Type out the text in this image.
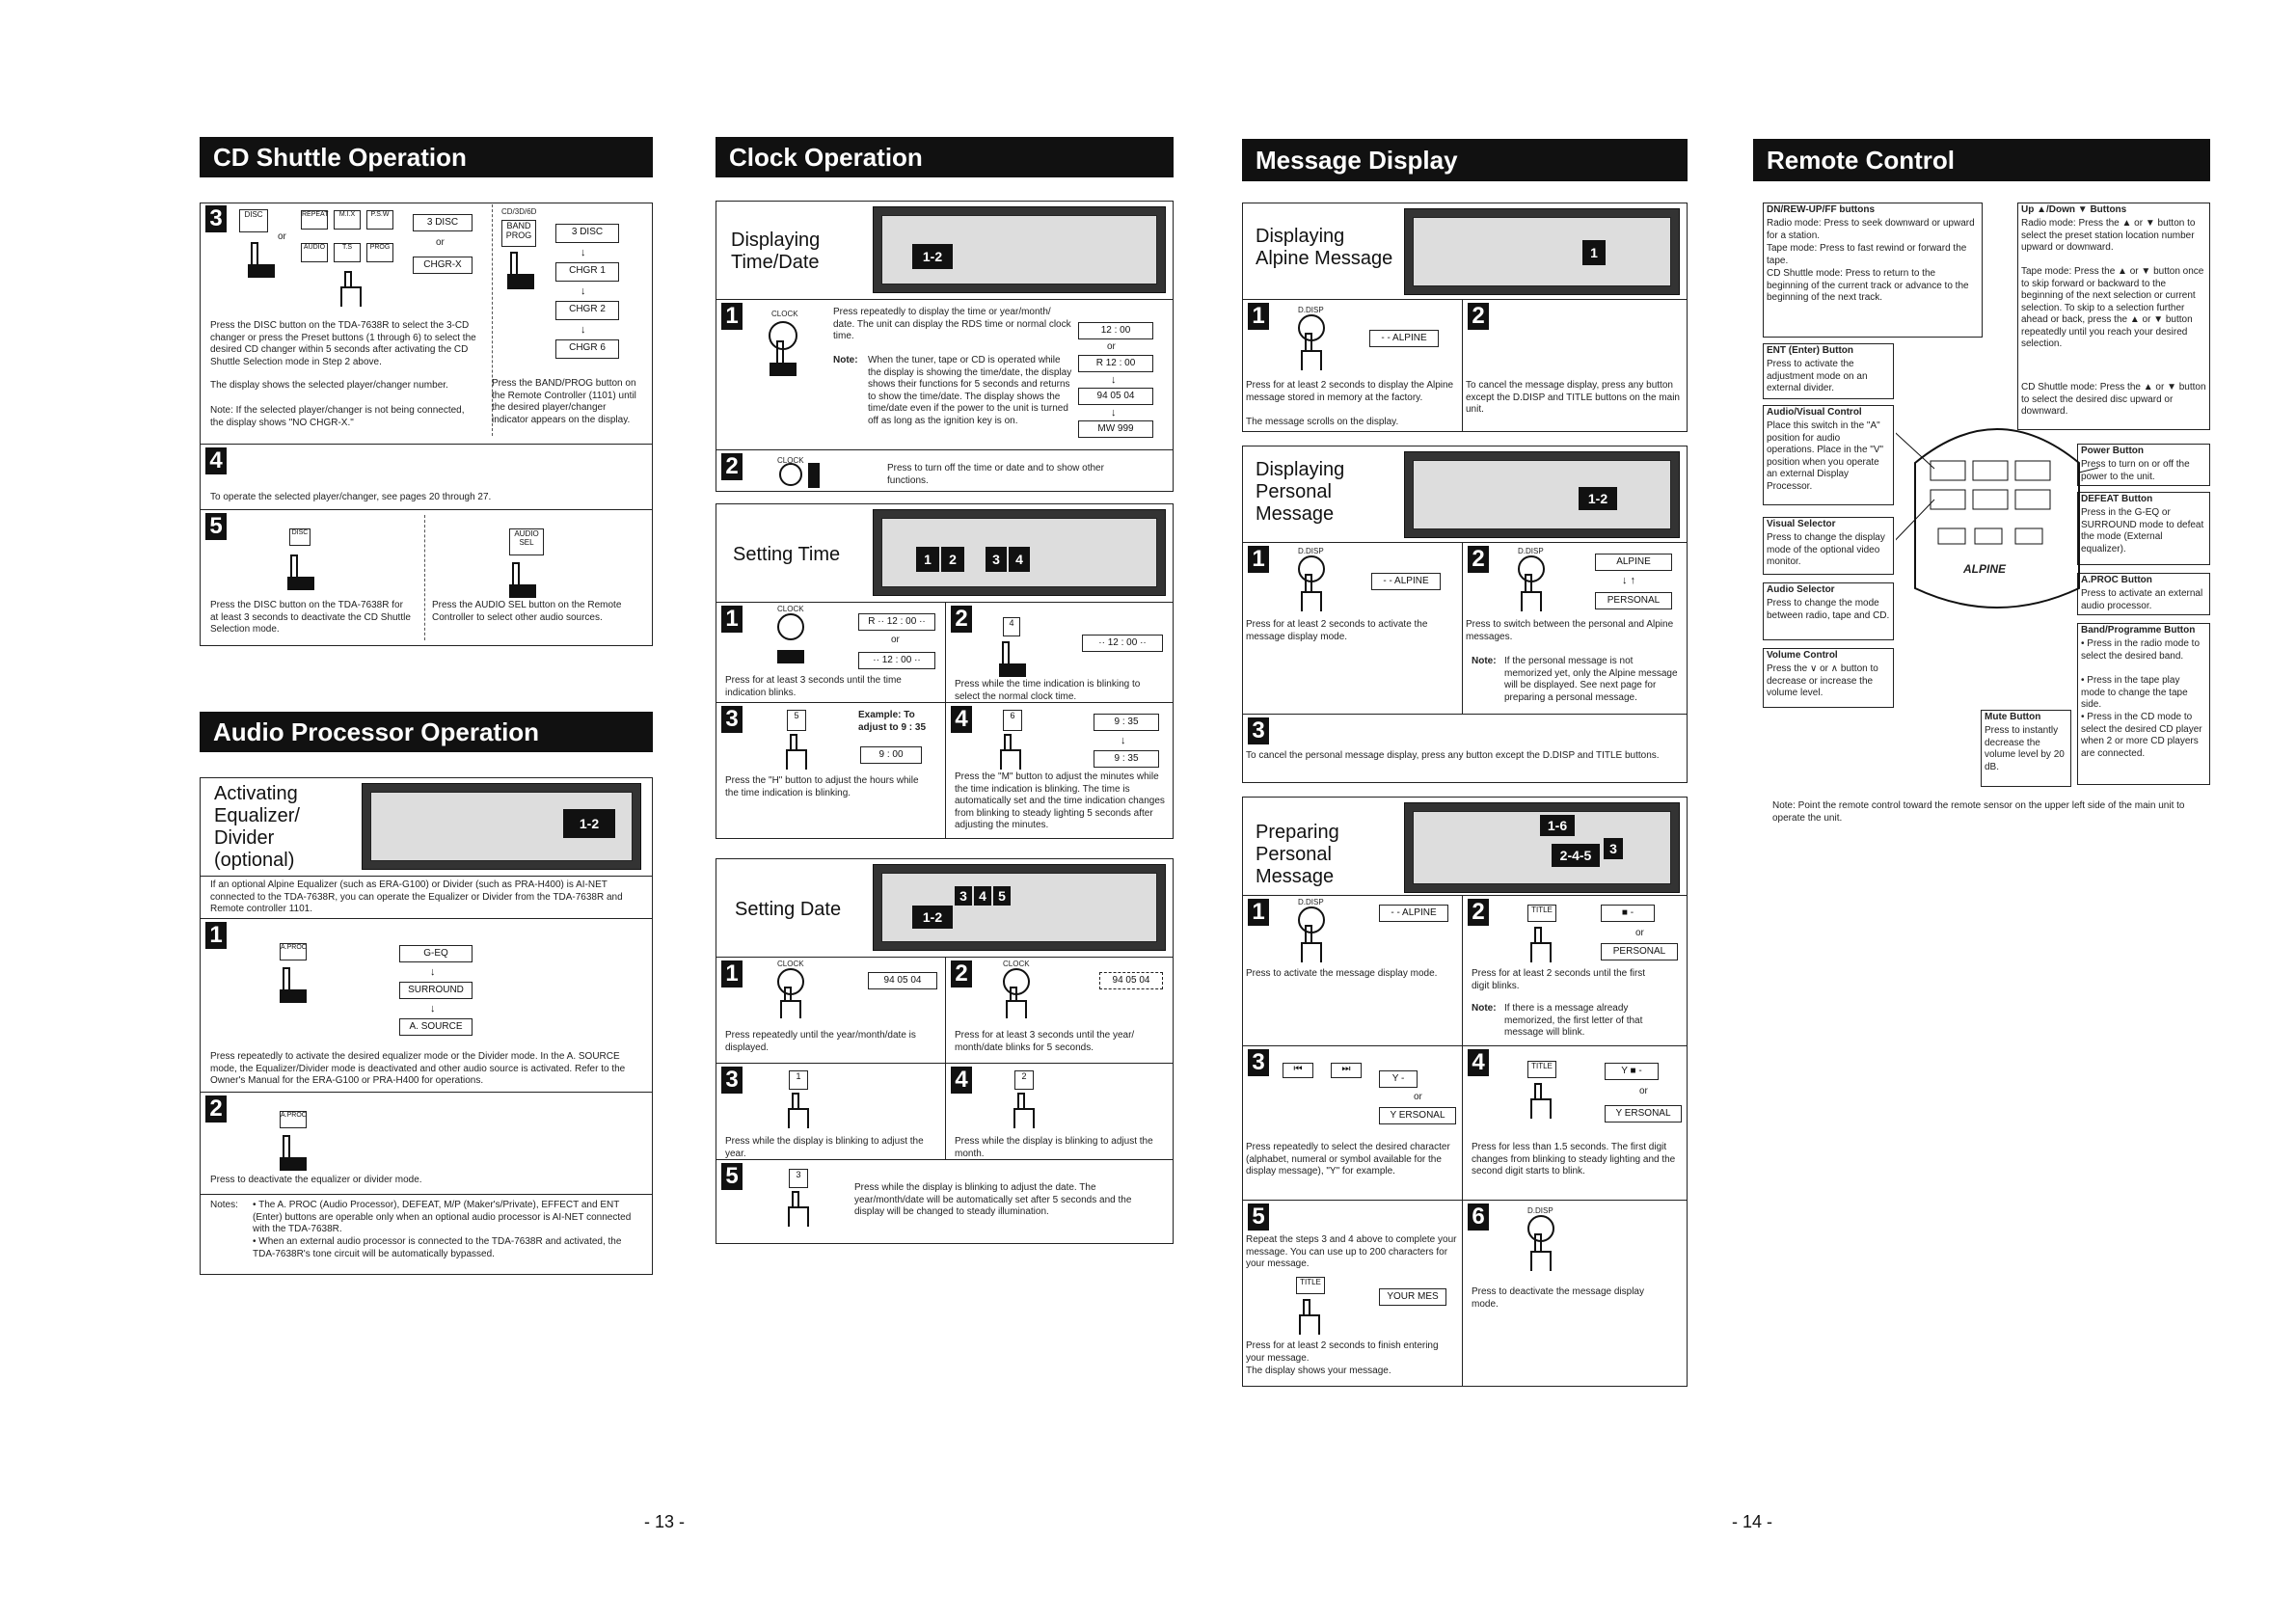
CD Shuttle Operation
3	DISC
or
REPEAT	M.I.X	P.S.W
AUDIO	T.S	PROG
3 DISC
or
CHGR-X
CD/3D/6D
BAND PROG	3 DISC
↓
CHGR 1
↓
CHGR 2
↓
CHGR 6
Press the DISC button on the TDA-7638R to select the 3-CD changer or press the Preset buttons (1 through 6) to select the desired CD changer within 5 seconds after activating the CD Shuttle Selection mode in Step 2 above.
The display shows the selected player/changer number.
Note: If the selected player/changer is not being connected, the display shows "NO CHGR-X."
Press the BAND/PROG button on the Remote Controller (1101) until the desired player/changer indicator appears on the display.
4
To operate the selected player/changer, see pages 20 through 27.
5	DISC	AUDIO SEL
Press the DISC button on the TDA-7638R for at least 3 seconds to deactivate the CD Shuttle Selection mode.
Press the AUDIO SEL button on the Remote Controller to select other audio sources.
Audio Processor Operation
Activating Equalizer/ Divider (optional)
1-2
If an optional Alpine Equalizer (such as ERA-G100) or Divider (such as PRA-H400) is AI-NET connected to the TDA-7638R, you can operate the Equalizer or Divider from the TDA-7638R and Remote controller 1101.
1	A.PROC
G-EQ
↓
SURROUND
↓
A. SOURCE
Press repeatedly to activate the desired equalizer mode or the Divider mode. In the A. SOURCE mode, the Equalizer/Divider mode is deactivated and other audio source is activated. Refer to the Owner's Manual for the ERA-G100 or PRA-H400 for operations.
2	A.PROC
Press to deactivate the equalizer or divider mode.
Notes: • The A. PROC (Audio Processor), DEFEAT, M/P (Maker's/Private), EFFECT and ENT (Enter) buttons are operable only when an optional audio processor is AI-NET connected with the TDA-7638R.
• When an external audio processor is connected to the TDA-7638R and activated, the TDA-7638R's tone circuit will be automatically bypassed.
Clock Operation
Displaying Time/Date	1-2
1	CLOCK	Press repeatedly to display the time or year/month/ date. The unit can display the RDS time or normal clock time.
Note: When the tuner, tape or CD is operated while the display is showing the time/date, the display shows their functions for 5 seconds and returns to show the time/date. The display shows the time/date even if the power to the unit is turned off as long as the ignition key is on.
12 : 00
or
R 12 : 00
↓
94 05 04
↓
MW 999
2	CLOCK
Press to turn off the time or date and to show other functions.
Setting Time	1	2	3	4
1	CLOCK
R ·· 12 : 00 ··
or
·· 12 : 00 ··
Press for at least 3 seconds until the time indication blinks.
2	4
·· 12 : 00 ··
Press while the time indication is blinking to select the normal clock time.
3	5	Example: To adjust to 9 : 35
9 : 00
Press the "H" button to adjust the hours while the time indication is blinking.
4	6
9 : 35
↓
9 : 35
Press the "M" button to adjust the minutes while the time indication is blinking. The time is automatically set and the time indication changes from blinking to steady lighting 5 seconds after adjusting the minutes.
Setting Date	1-2
3 4 5
1	CLOCK
94 05 04
Press repeatedly until the year/month/date is displayed.
2	CLOCK
94 05 04
Press for at least 3 seconds until the year/ month/date blinks for 5 seconds.
3	1
Press while the display is blinking to adjust the year.
4	2
Press while the display is blinking to adjust the month.
5	3
Press while the display is blinking to adjust the date. The year/month/date will be automatically set after 5 seconds and the display will be changed to steady illumination.
Message Display
Displaying Alpine Message	1
1	D.DISP
- - ALPINE
Press for at least 2 seconds to display the Alpine message stored in memory at the factory.
The message scrolls on the display.
2
To cancel the message display, press any button except the D.DISP and TITLE buttons on the main unit.
Displaying Personal Message
1-2
1	D.DISP
- - ALPINE
Press for at least 2 seconds to activate the message display mode.
2	D.DISP
ALPINE
↓ ↑
PERSONAL
Press to switch between the personal and Alpine messages.
Note: If the personal message is not memorized yet, only the Alpine message will be displayed. See next page for preparing a personal message.
3
To cancel the personal message display, press any button except the D.DISP and TITLE buttons.
Preparing Personal Message
1-6
2-4-5	3
1	D.DISP
- - ALPINE
Press to activate the message display mode.
2	TITLE	■ -
or
PERSONAL
Press for at least 2 seconds until the first digit blinks.
Note: If there is a message already memorized, the first letter of that message will blink.
3	⏮	⏭
Y -
or
Y ERSONAL
Press repeatedly to select the desired character (alphabet, numeral or symbol available for the display message), "Y" for example.
4	TITLE	Y ■ -
or
Y ERSONAL
Press for less than 1.5 seconds. The first digit changes from blinking to steady lighting and the second digit starts to blink.
5
Repeat the steps 3 and 4 above to complete your message. You can use up to 200 characters for your message.
TITLE
YOUR MES
Press for at least 2 seconds to finish entering your message.
The display shows your message.
6	D.DISP
Press to deactivate the message display mode.
Remote Control
DN/REW-UP/FF buttons
Radio mode: Press to seek downward or upward for a station.
Tape mode: Press to fast rewind or forward the tape.
CD Shuttle mode: Press to return to the beginning of the current track or advance to the beginning of the next track.
ENT (Enter) Button
Press to activate the adjustment mode on an external divider.
Audio/Visual Control
Place this switch in the "A" position for audio operations. Place in the "V" position when you operate an external Display Processor.
Visual Selector
Press to change the display mode of the optional video monitor.
Audio Selector
Press to change the mode between radio, tape and CD.
Volume Control
Press the ∨ or ∧ button to decrease or increase the volume level.
Mute Button
Press to instantly decrease the volume level by 20 dB.
Up ▲/Down ▼ Buttons
Radio mode: Press the ▲ or ▼ button to select the preset station location number upward or downward.
Tape mode: Press the ▲ or ▼ button once to skip forward or backward to the beginning of the next selection or current selection. To skip to a selection further ahead or back, press the ▲ or ▼ button repeatedly until you reach your desired selection.
CD Shuttle mode: Press the ▲ or ▼ button to select the desired disc upward or downward.
Power Button
Press to turn on or off the power to the unit.
DEFEAT Button
Press in the G-EQ or SURROUND mode to defeat the mode (External equalizer).
A.PROC Button
Press to activate an external audio processor.
Band/Programme Button
• Press in the radio mode to select the desired band.
• Press in the tape play mode to change the tape side.
• Press in the CD mode to select the desired CD player when 2 or more CD players are connected.
ALPINE
Note: Point the remote control toward the remote sensor on the upper left side of the main unit to operate the unit.
- 13 -	- 14 -
